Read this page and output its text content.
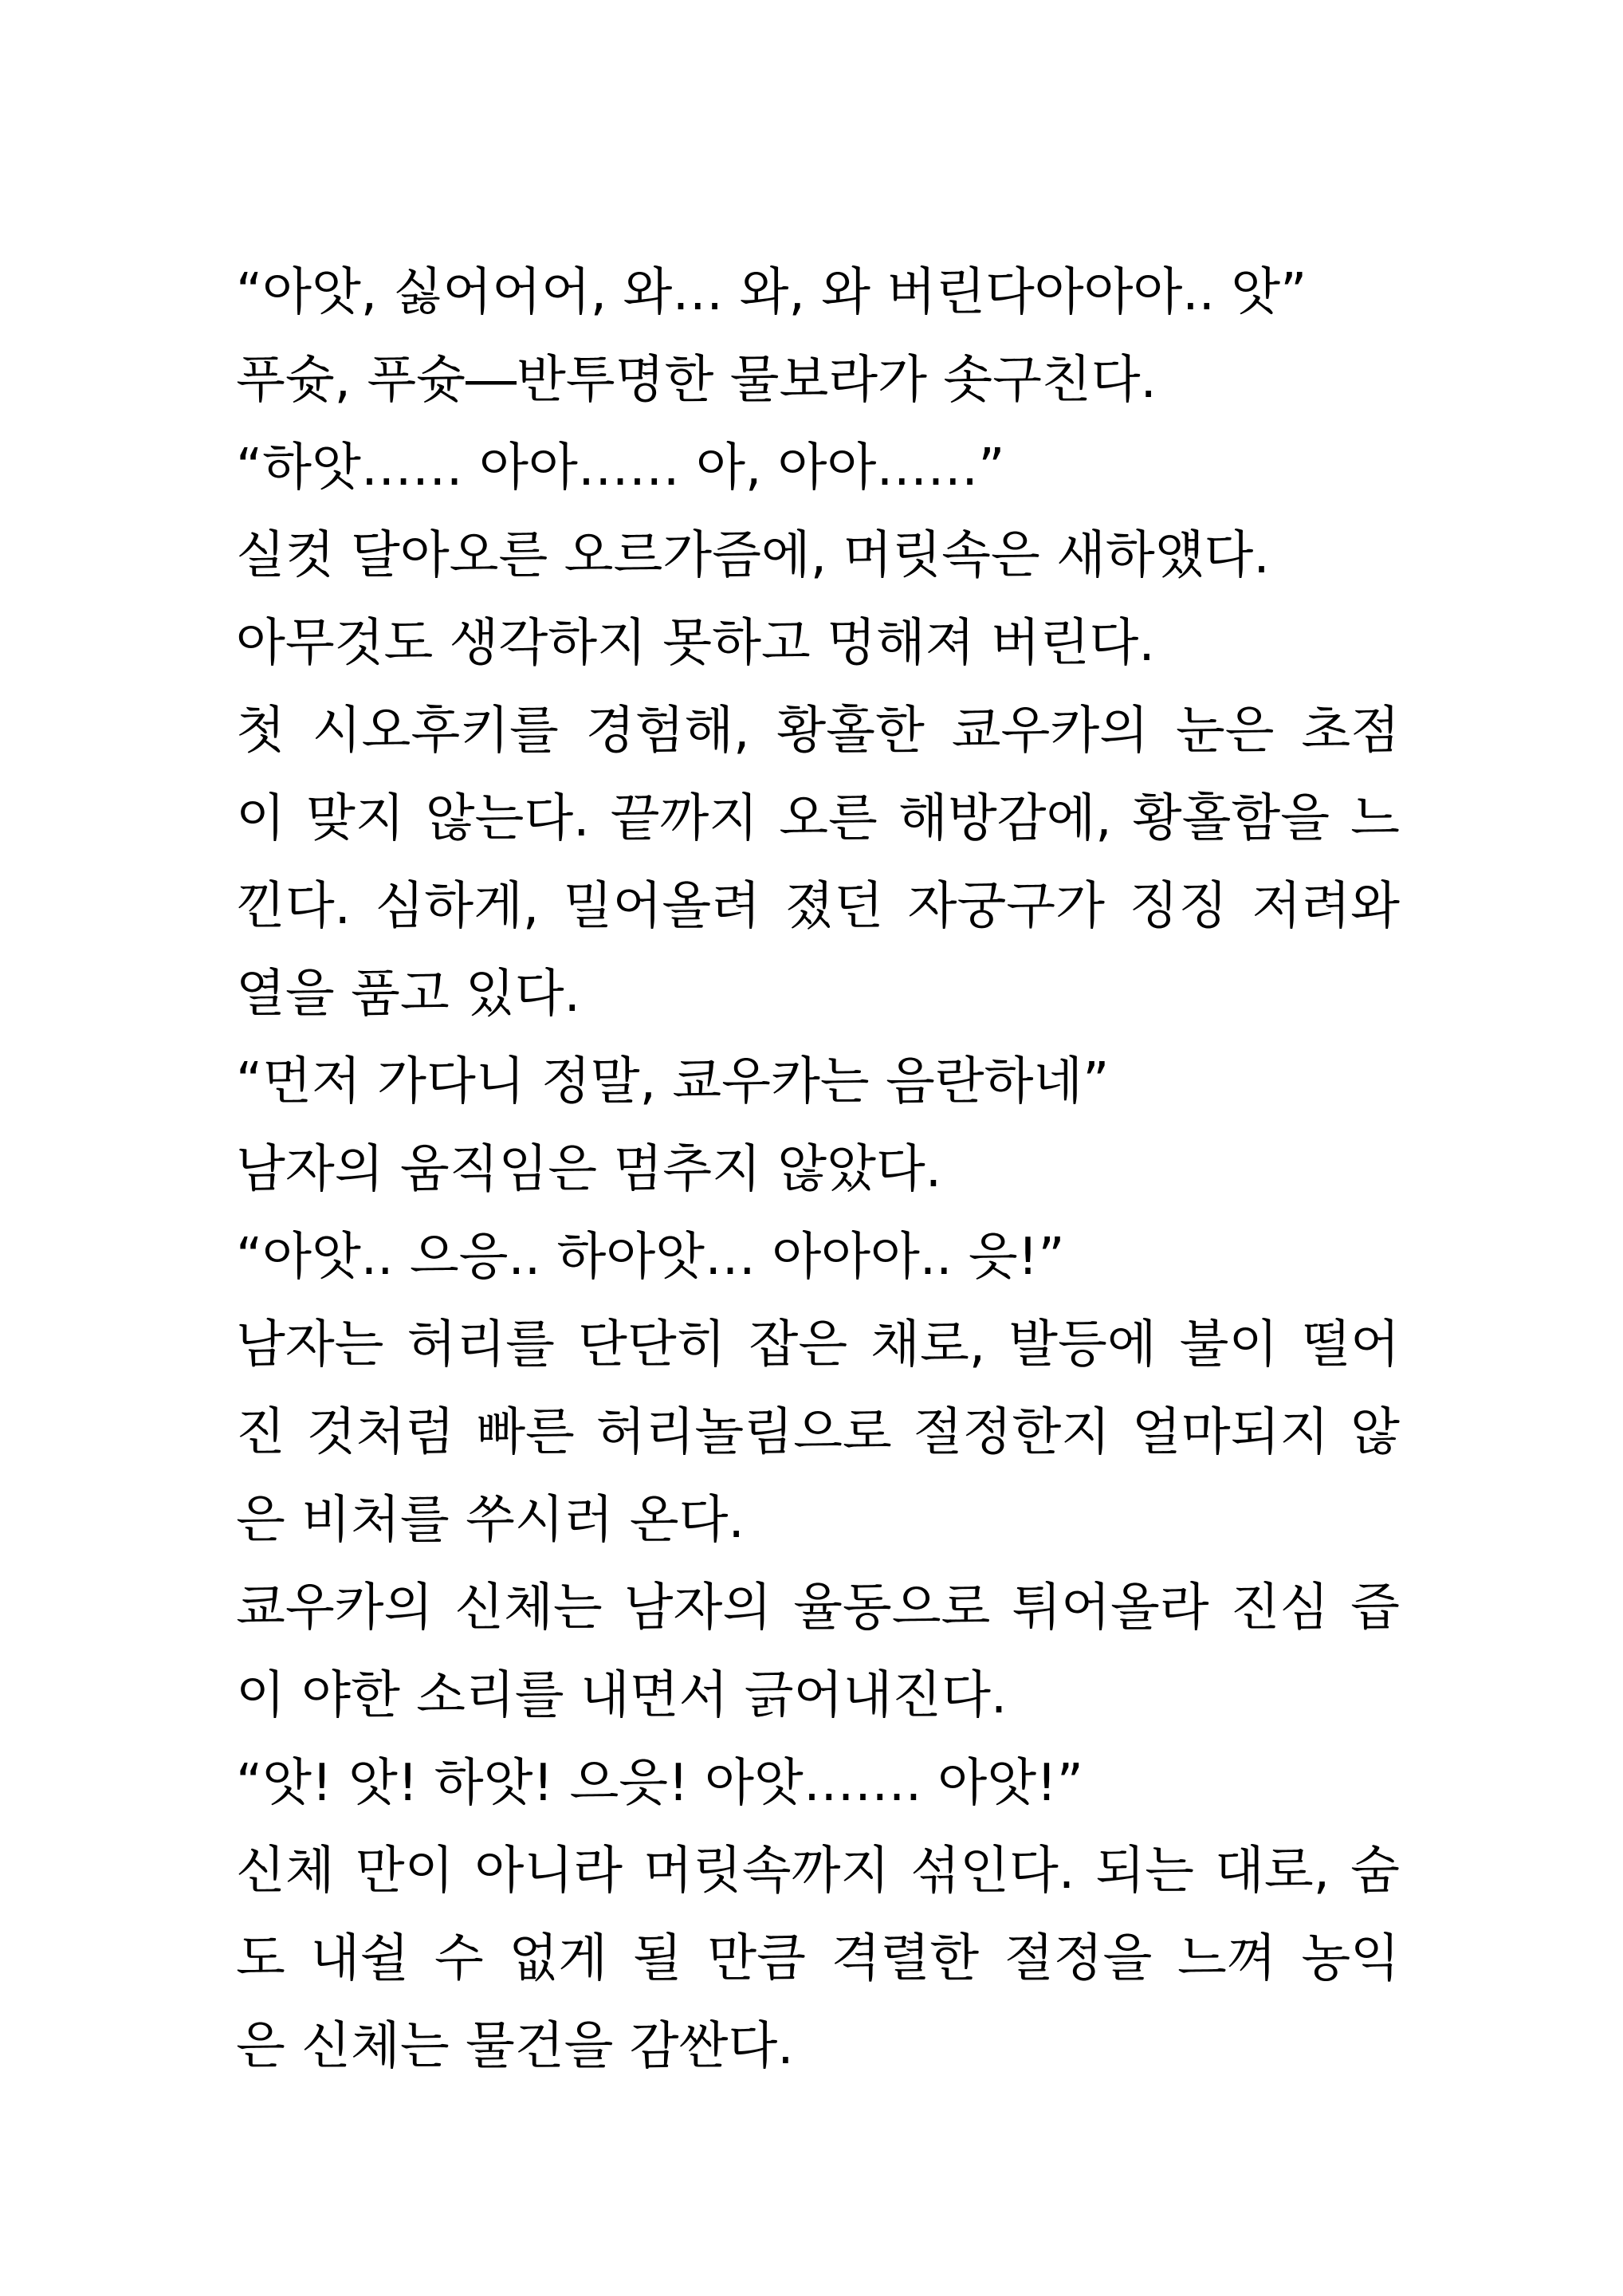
“아앗, 싫어어어, 와… 와, 와 버린다아아아.. 앗”
푸슛, 푸슛―반투명한 물보라가 솟구친다.
“하앗…… 아아…… 아, 아아……”
실컷 달아오른 오르가즘에, 머릿속은 새하얬다.
아무것도 생각하지 못하고 멍해져 버린다.
첫 시오후키를 경험해, 황홀한 쿄우카의 눈은 초점
이 맞지 않는다. 끝까지 오른 해방감에, 황홀함을 느
낀다. 심하게, 밀어올려 졌던 자궁구가 징징 저려와
열을 품고 있다.
“먼저 가다니 정말, 쿄우카는 음란하네”
남자의 움직임은 멈추지 않았다.
“아앗.. 으응.. 하아앗… 아아아.. 읏!”
남자는 허리를 단단히 잡은 채로, 발등에 불이 떨어
진 것처럼 빠른 허리놀림으로 절정한지 얼마되지 않
은 비처를 쑤시러 온다.
쿄우카의 신체는 남자의 율동으로 튀어올라 진심 즙
이 야한 소리를 내면서 긁어내진다.
“앗! 앗! 하앗! 으읏! 아앗……. 아앗!”
신체 만이 아니라 머릿속까지 섞인다. 되는 대로, 숨
도 내쉴 수 없게 될 만큼 격렬한 절정을 느껴 농익
은 신체는 물건을 감싼다.
